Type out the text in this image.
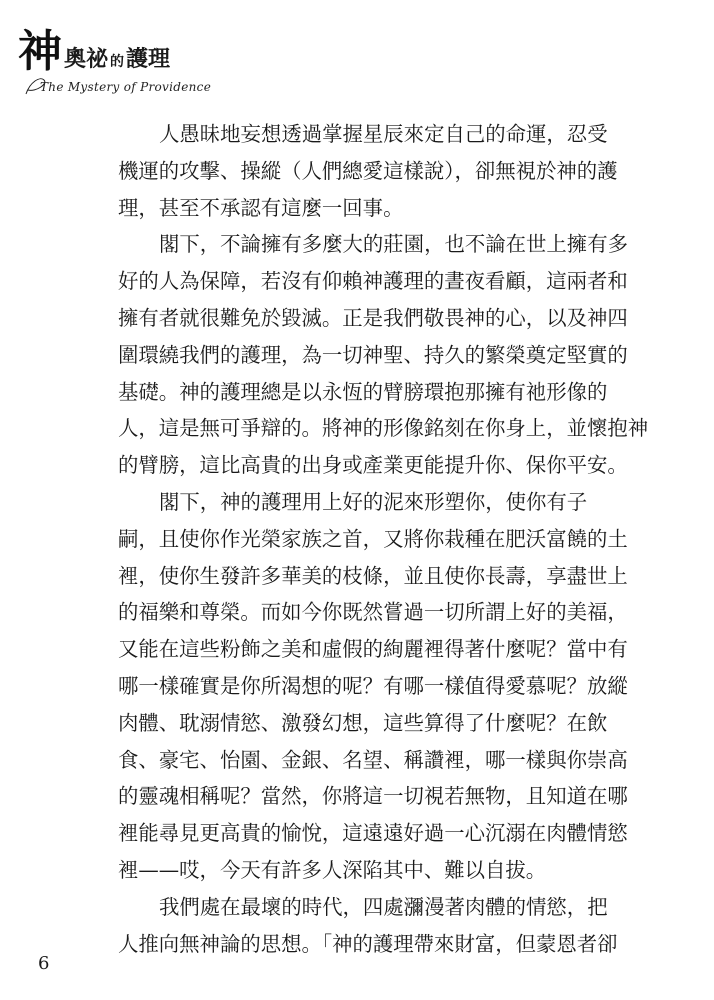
神 奧祕 的護理
The Mystery of Providence
人愚昧地妄想透過掌握星辰來定自己的命運，忍受
機運的攻擊、操縱（人們總愛這樣說），卻無視於神的護
理，甚至不承認有這麼一回事。
閣下，不論擁有多麼大的莊園，也不論在世上擁有多
好的人為保障，若沒有仰賴神護理的晝夜看顧，這兩者和
擁有者就很難免於毀滅。正是我們敬畏神的心，以及神四
圍環繞我們的護理，為一切神聖、持久的繁榮奠定堅實的
基礎。神的護理總是以永恆的臂膀環抱那擁有祂形像的
人，這是無可爭辯的。將神的形像銘刻在你身上，並懷抱神
的臂膀，這比高貴的出身或產業更能提升你、保你平安。
閣下，神的護理用上好的泥來形塑你，使你有子
嗣，且使你作光榮家族之首，又將你栽種在肥沃富饒的土
裡，使你生發許多華美的枝條，並且使你長壽，享盡世上
的福樂和尊榮。而如今你既然嘗過一切所謂上好的美福，
又能在這些粉飾之美和虛假的絢麗裡得著什麼呢？當中有
哪一樣確實是你所渴想的呢？有哪一樣值得愛慕呢？放縱
肉體、耽溺情慾、激發幻想，這些算得了什麼呢？在飲
食、豪宅、怡園、金銀、名望、稱讚裡，哪一樣與你崇高
的靈魂相稱呢？當然，你將這一切視若無物，且知道在哪
裡能尋見更高貴的愉悅，這遠遠好過一心沉溺在肉體情慾
裡——哎，今天有許多人深陷其中、難以自拔。
我們處在最壞的時代，四處瀰漫著肉體的情慾，把
人推向無神論的思想。「神的護理帶來財富，但蒙恩者卻
6
